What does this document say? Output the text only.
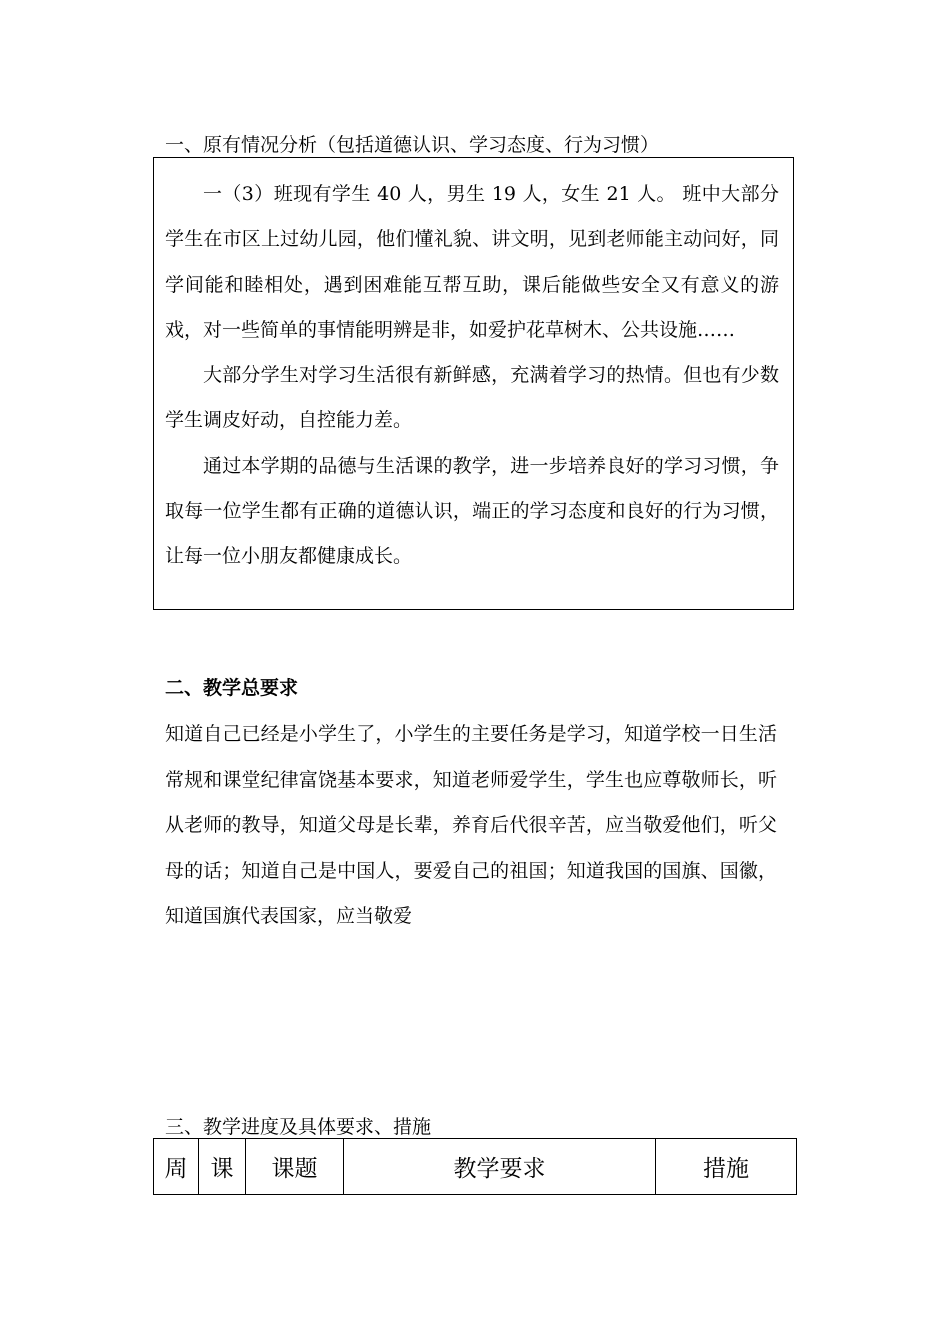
一、原有情况分析（包括道德认识、学习态度、行为习惯）

一（3）班现有学生 40 人，男生 19 人，女生 21 人。 班中大部分学生在市区上过幼儿园，他们懂礼貌、讲文明，见到老师能主动问好，同学间能和睦相处，遇到困难能互帮互助，课后能做些安全又有意义的游戏，对一些简单的事情能明辨是非，如爱护花草树木、公共设施……

大部分学生对学习生活很有新鲜感，充满着学习的热情。但也有少数学生调皮好动，自控能力差。

通过本学期的品德与生活课的教学，进一步培养良好的学习习惯，争取每一位学生都有正确的道德认识，端正的学习态度和良好的行为习惯，让每一位小朋友都健康成长。

二、教学总要求

知道自己已经是小学生了，小学生的主要任务是学习，知道学校一日生活常规和课堂纪律富饶基本要求，知道老师爱学生，学生也应尊敬师长，听从老师的教导，知道父母是长辈，养育后代很辛苦，应当敬爱他们，听父母的话；知道自己是中国人，要爱自己的祖国；知道我国的国旗、国徽，知道国旗代表国家，应当敬爱

三、教学进度及具体要求、措施
周	课	课题	教学要求	措施
